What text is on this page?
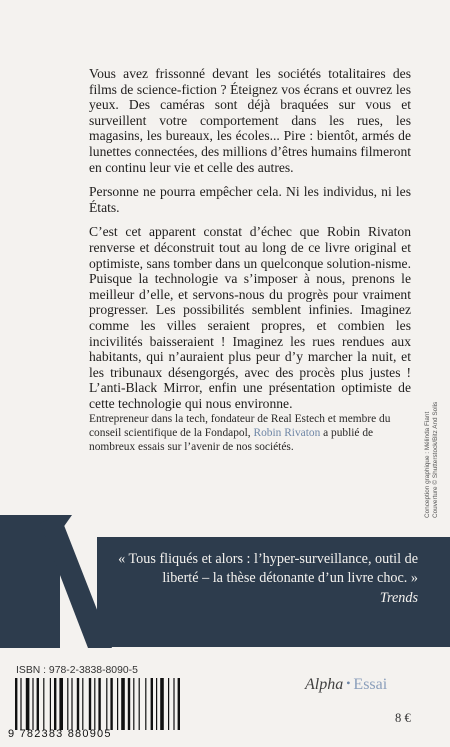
Vous avez frissonné devant les sociétés totalitaires des films de science-fiction ? Éteignez vos écrans et ouvrez les yeux. Des caméras sont déjà braquées sur vous et surveillent votre comportement dans les rues, les magasins, les bureaux, les écoles... Pire : bientôt, armés de lunettes connectées, des millions d’êtres humains filmeront en continu leur vie et celle des autres.

Personne ne pourra empêcher cela. Ni les individus, ni les États.

C’est cet apparent constat d’échec que Robin Rivaton renverse et déconstruit tout au long de ce livre original et optimiste, sans tomber dans un quelconque solution-nisme. Puisque la technologie va s’imposer à nous, prenons le meilleur d’elle, et servons-nous du progrès pour vraiment progresser. Les possibilités semblent infinies. Imaginez comme les villes seraient propres, et combien les incivilités baisseraient ! Imaginez les rues rendues aux habitants, qui n’auraient plus peur d’y marcher la nuit, et les tribunaux désengorgés, avec des procès plus justes ! L’anti-Black Mirror, enfin une présentation optimiste de cette technologie qui nous environne.

Entrepreneur dans la tech, fondateur de Real Estech et membre du conseil scientifique de la Fondapol, Robin Rivaton a publié de nombreux essais sur l’avenir de nos sociétés.	Conception graphique : Mélinda Fiant Couverture © Shutterstock/Bitz And Solis
« Tous fliqués et alors : l’hyper-surveillance, outil de liberté – la thèse détonante d’un livre choc. »
Trends
ISBN : 978-2-3838-8090-5
9 782383 880905
Alpha • Essai
8 €
